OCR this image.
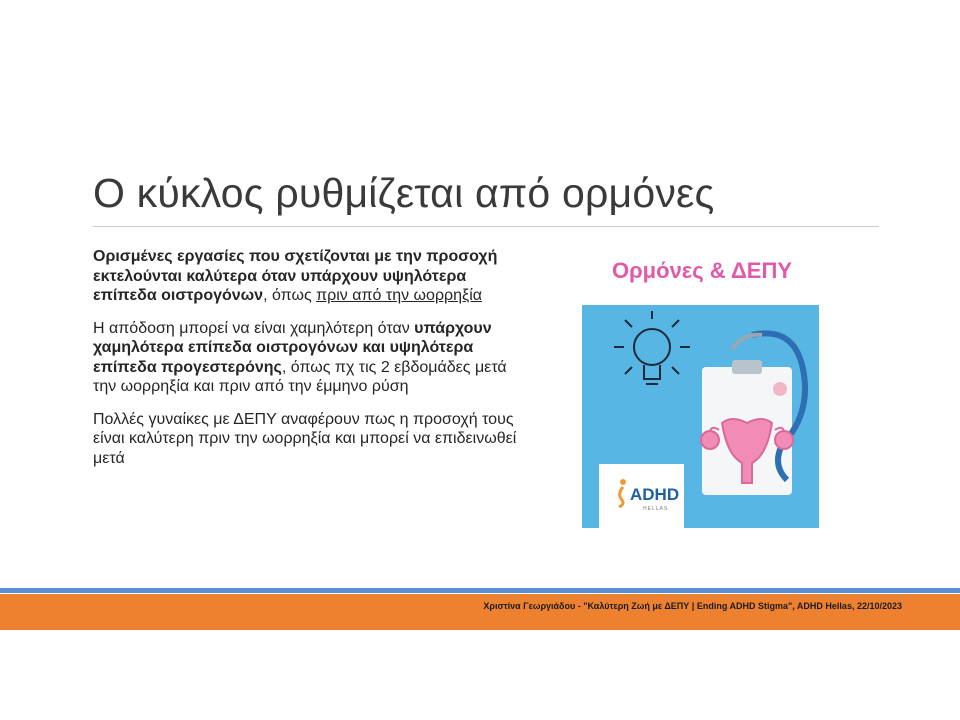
Ο κύκλος ρυθμίζεται από ορμόνες

Ορισμένες εργασίες που σχετίζονται με την προσοχή εκτελούνται καλύτερα όταν υπάρχουν υψηλότερα επίπεδα οιστρογόνων, όπως πριν από την ωορρηξία

Η απόδοση μπορεί να είναι χαμηλότερη όταν υπάρχουν χαμηλότερα επίπεδα οιστρογόνων και υψηλότερα επίπεδα προγεστερόνης, όπως πχ τις 2 εβδομάδες μετά την ωορρηξία και πριν από την έμμηνο ρύση

Πολλές γυναίκες με ΔΕΠΥ αναφέρουν πως η προσοχή τους είναι καλύτερη πριν την ωορρηξία και μπορεί να επιδεινωθεί μετά

Ορμόνες & ΔΕΠΥ
ADHD
HELLAS
Χριστίνα Γεωργιάδου - "Καλύτερη Ζωή με ΔΕΠΥ | Ending ADHD Stigma", ADHD Hellas, 22/10/2023
